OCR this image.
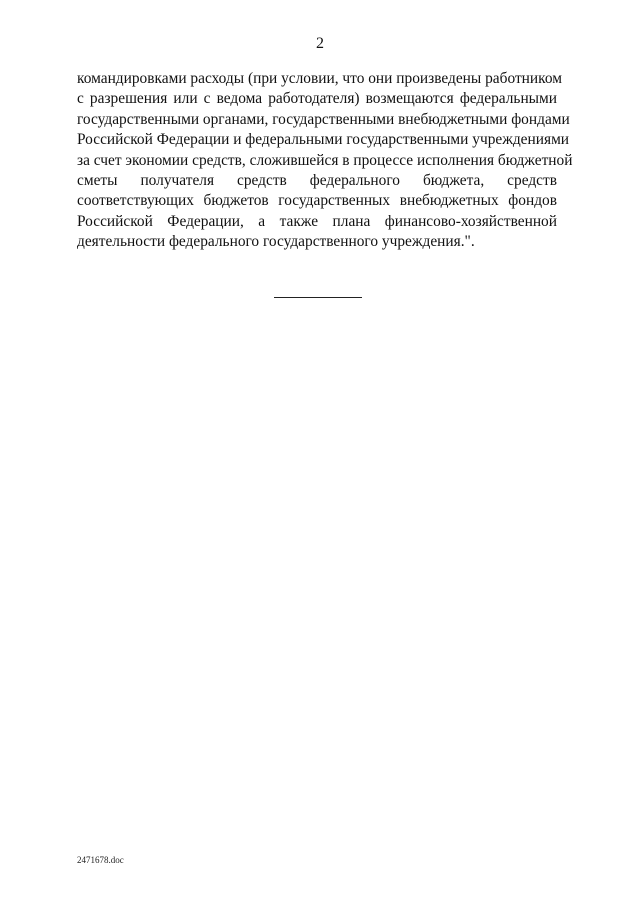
2
командировками расходы (при условии, что они произведены работником
с разрешения или с ведома работодателя) возмещаются федеральными
государственными органами, государственными внебюджетными фондами
Российской Федерации и федеральными государственными учреждениями
за счет экономии средств, сложившейся в процессе исполнения бюджетной
сметы получателя средств федерального бюджета, средств
соответствующих бюджетов государственных внебюджетных фондов
Российской Федерации, а также плана финансово-хозяйственной
деятельности федерального государственного учреждения.".
2471678.doc
